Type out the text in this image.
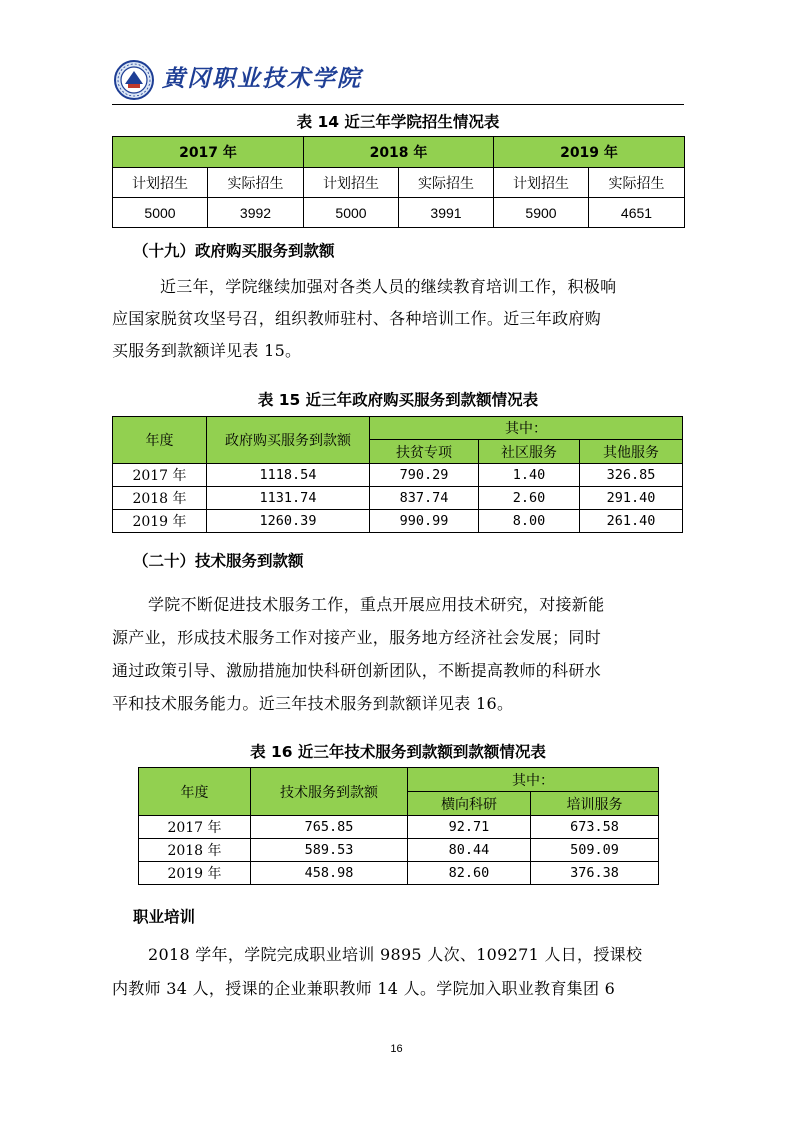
黄冈职业技术学院
表 14 近三年学院招生情况表
2017 年		2018 年		2019 年	
计划招生	实际招生	计划招生	实际招生	计划招生	实际招生
5000	3992	5000	3991	5900	4651
（十九）政府购买服务到款额
近三年，学院继续加强对各类人员的继续教育培训工作，积极响
应国家脱贫攻坚号召，组织教师驻村、各种培训工作。近三年政府购
买服务到款额详见表 15。
表 15 近三年政府购买服务到款额情况表
年度	政府购买服务到款额	其中：		
		扶贫专项	社区服务	其他服务
2017 年	1118.54	790.29	1.40	326.85
2018 年	1131.74	837.74	2.60	291.40
2019 年	1260.39	990.99	8.00	261.40
（二十）技术服务到款额
学院不断促进技术服务工作，重点开展应用技术研究，对接新能
源产业，形成技术服务工作对接产业，服务地方经济社会发展；同时
通过政策引导、激励措施加快科研创新团队，不断提高教师的科研水
平和技术服务能力。近三年技术服务到款额详见表 16。
表 16 近三年技术服务到款额到款额情况表
年度	技术服务到款额	其中：	
		横向科研	培训服务
2017 年	765.85	92.71	673.58
2018 年	589.53	80.44	509.09
2019 年	458.98	82.60	376.38
职业培训
2018 学年，学院完成职业培训 9895 人次、109271 人日，授课校
内教师 34 人，授课的企业兼职教师 14 人。学院加入职业教育集团 6
16
